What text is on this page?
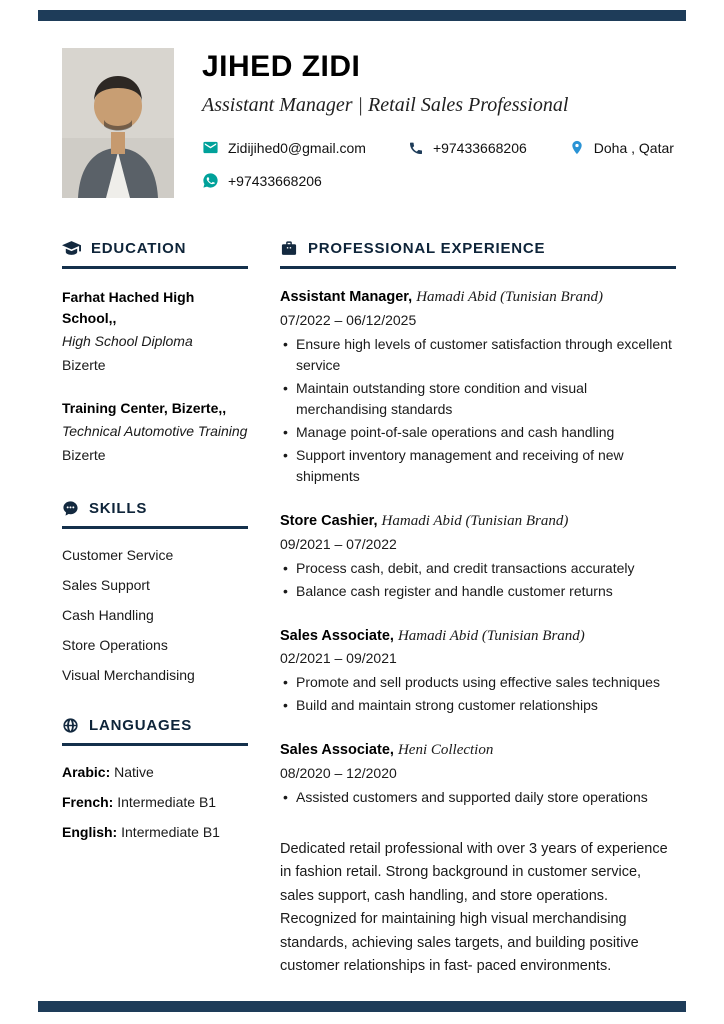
JIHED ZIDI
Assistant Manager | Retail Sales Professional
Zidijihed0@gmail.com	+97433668206	Doha , Qatar
+97433668206
EDUCATION
Farhat Hached High School,,
High School Diploma
Bizerte
Training Center, Bizerte,,
Technical Automotive Training
Bizerte
SKILLS
Customer Service
Sales Support
Cash Handling
Store Operations
Visual Merchandising
LANGUAGES
Arabic: Native
French: Intermediate B1
English: Intermediate B1
PROFESSIONAL EXPERIENCE

Assistant Manager, Hamadi Abid (Tunisian Brand)

07/2022 – 06/12/2025
• Ensure high levels of customer satisfaction through excellent service
• Maintain outstanding store condition and visual merchandising standards
• Manage point-of-sale operations and cash handling
• Support inventory management and receiving of new shipments

Store Cashier, Hamadi Abid (Tunisian Brand)

09/2021 – 07/2022
• Process cash, debit, and credit transactions accurately
• Balance cash register and handle customer returns

Sales Associate, Hamadi Abid (Tunisian Brand)

02/2021 – 09/2021
• Promote and sell products using effective sales techniques
• Build and maintain strong customer relationships

Sales Associate, Heni Collection

08/2020 – 12/2020
• Assisted customers and supported daily store operations

Dedicated retail professional with over 3 years of experience in fashion retail. Strong background in customer service, sales support, cash handling, and store operations. Recognized for maintaining high visual merchandising standards, achieving sales targets, and building positive customer relationships in fast- paced environments.
